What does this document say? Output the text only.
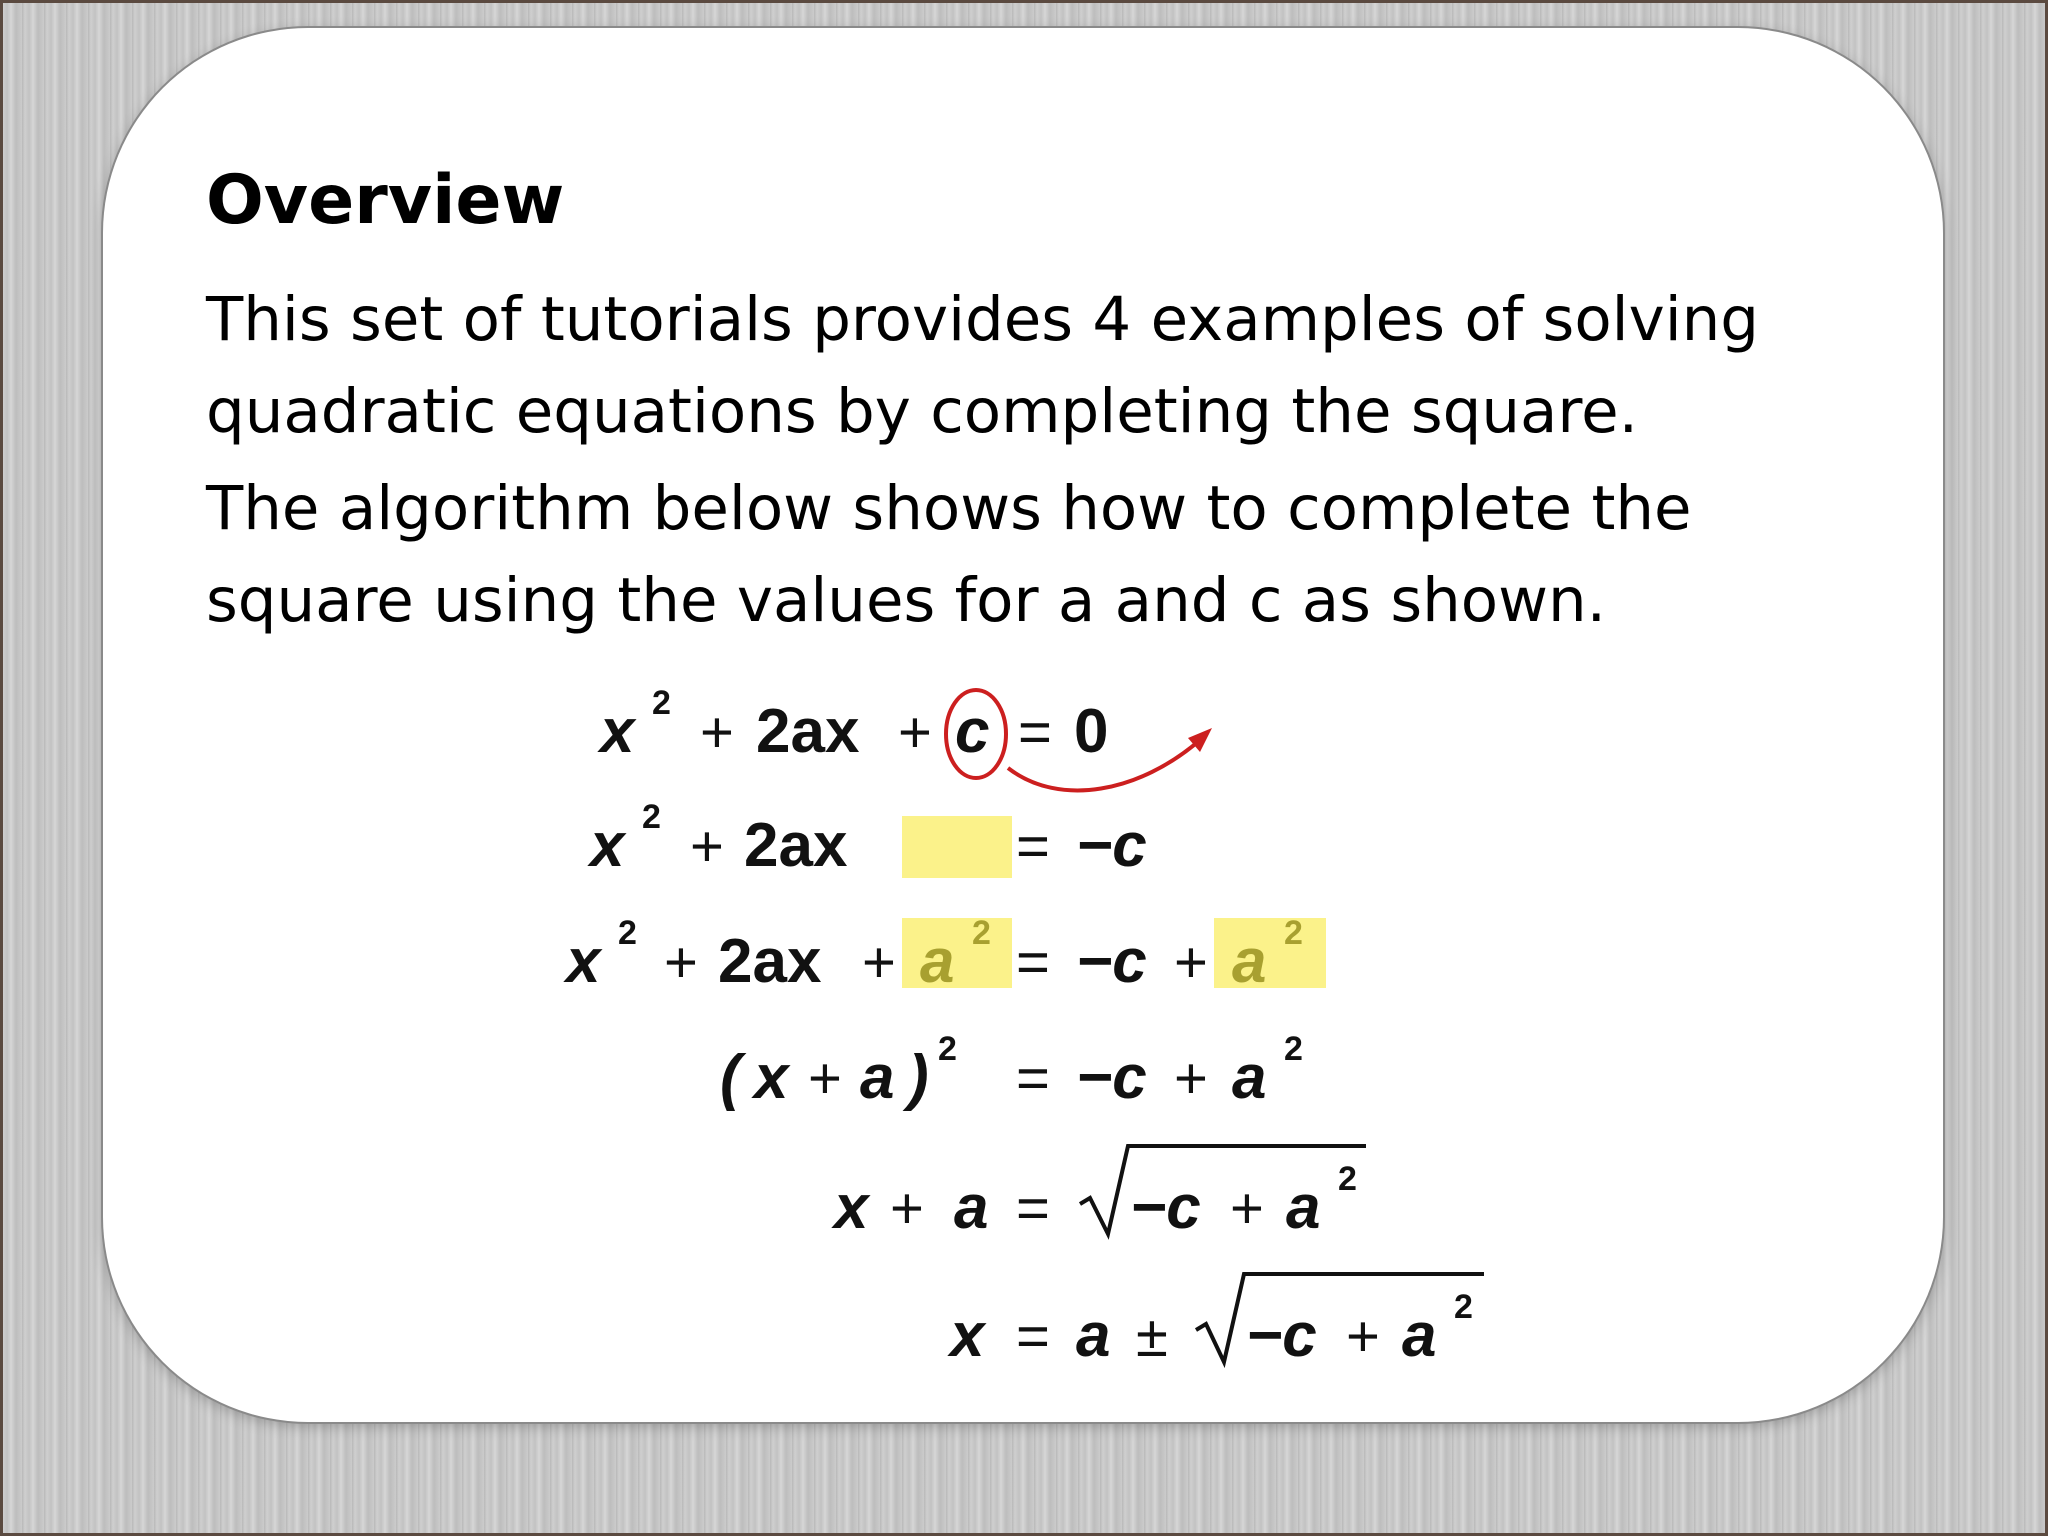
Overview
This set of tutorials provides 4 examples of solving
quadratic equations by completing the square.
The algorithm below shows how to complete the
square using the values for a and c as shown.
x 2 + 2ax + c = 0
x 2 + 2ax	= −c
x 2 + 2ax + a 2 = −c + a 2
( x + a ) 2 = −c + a 2
x + a = −c + a 2
x = a ± −c + a 2
